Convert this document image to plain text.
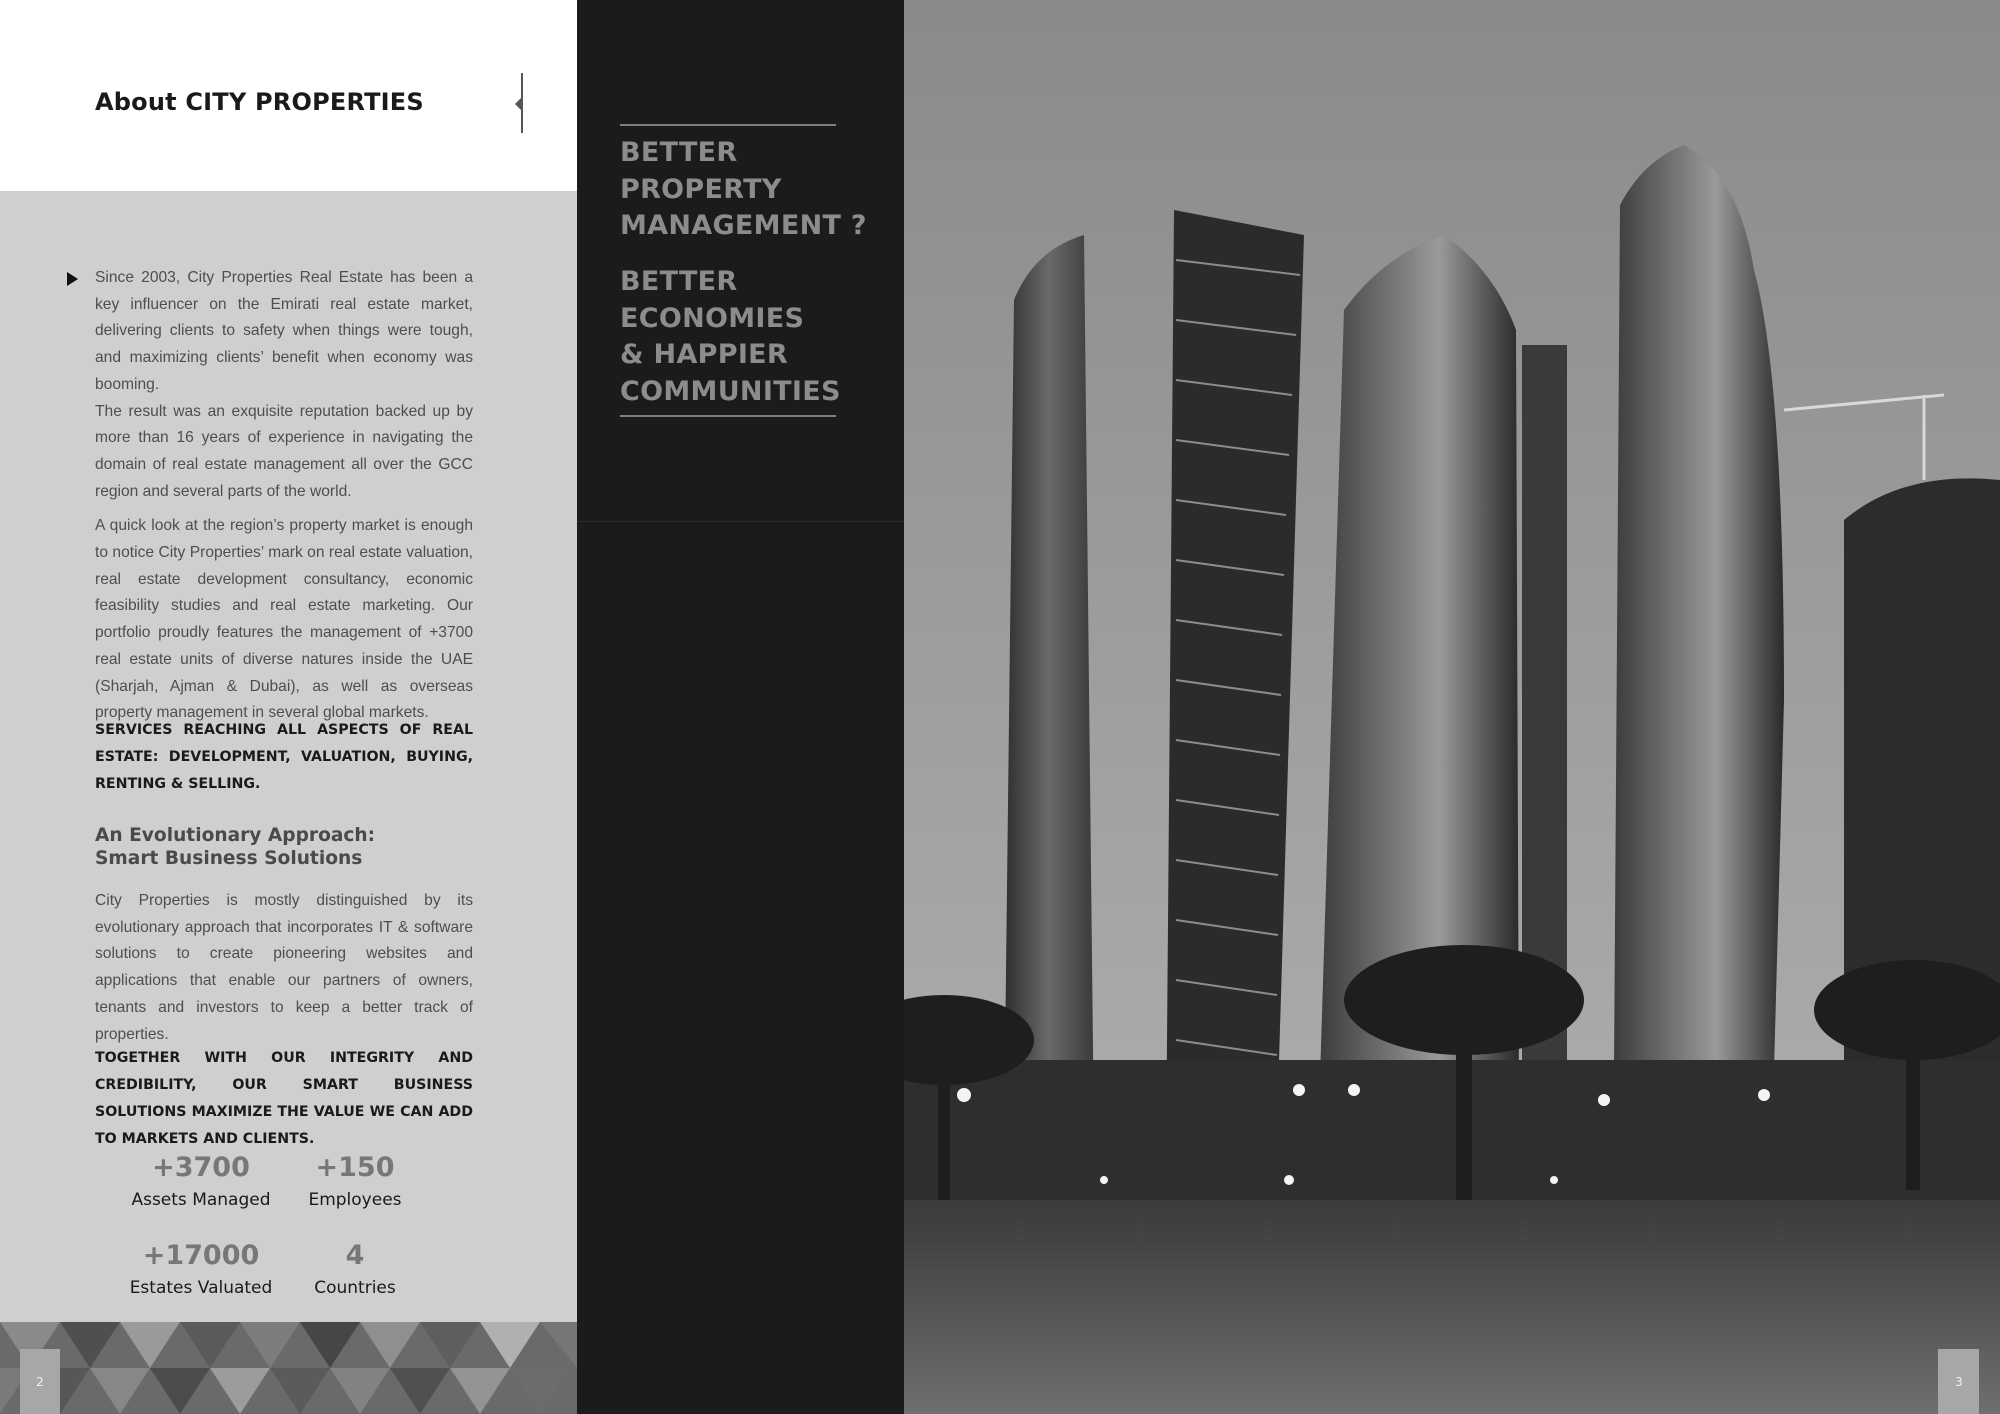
About CITY PROPERTIES

Since 2003, City Properties Real Estate has been a key influencer on the Emirati real estate market, delivering clients to safety when things were tough, and maximizing clients’ benefit when economy was booming.

The result was an exquisite reputation backed up by more than 16 years of experience in navigating the domain of real estate management all over the GCC region and several parts of the world.

A quick look at the region’s property market is enough to notice City Properties’ mark on real estate valuation, real estate development consultancy, economic feasibility studies and real estate marketing. Our portfolio proudly features the management of +3700 real estate units of diverse natures inside the UAE (Sharjah, Ajman & Dubai), as well as overseas property management in several global markets.

SERVICES REACHING ALL ASPECTS OF REAL ESTATE: DEVELOPMENT, VALUATION, BUYING, RENTING & SELLING.
An Evolutionary Approach:
Smart Business Solutions
City Properties is mostly distinguished by its evolutionary approach that incorporates IT & software solutions to create pioneering websites and applications that enable our partners of owners, tenants and investors to keep a better track of properties.
TOGETHER WITH OUR INTEGRITY AND CREDIBILITY, OUR SMART BUSINESS SOLUTIONS MAXIMIZE THE VALUE WE CAN ADD TO MARKETS AND CLIENTS.
+3700
Assets Managed
+150
Employees
+17000
Estates Valuated
4
Countries
2

BETTER
PROPERTY
MANAGEMENT ?

BETTER
ECONOMIES
& HAPPIER
COMMUNITIES

3
